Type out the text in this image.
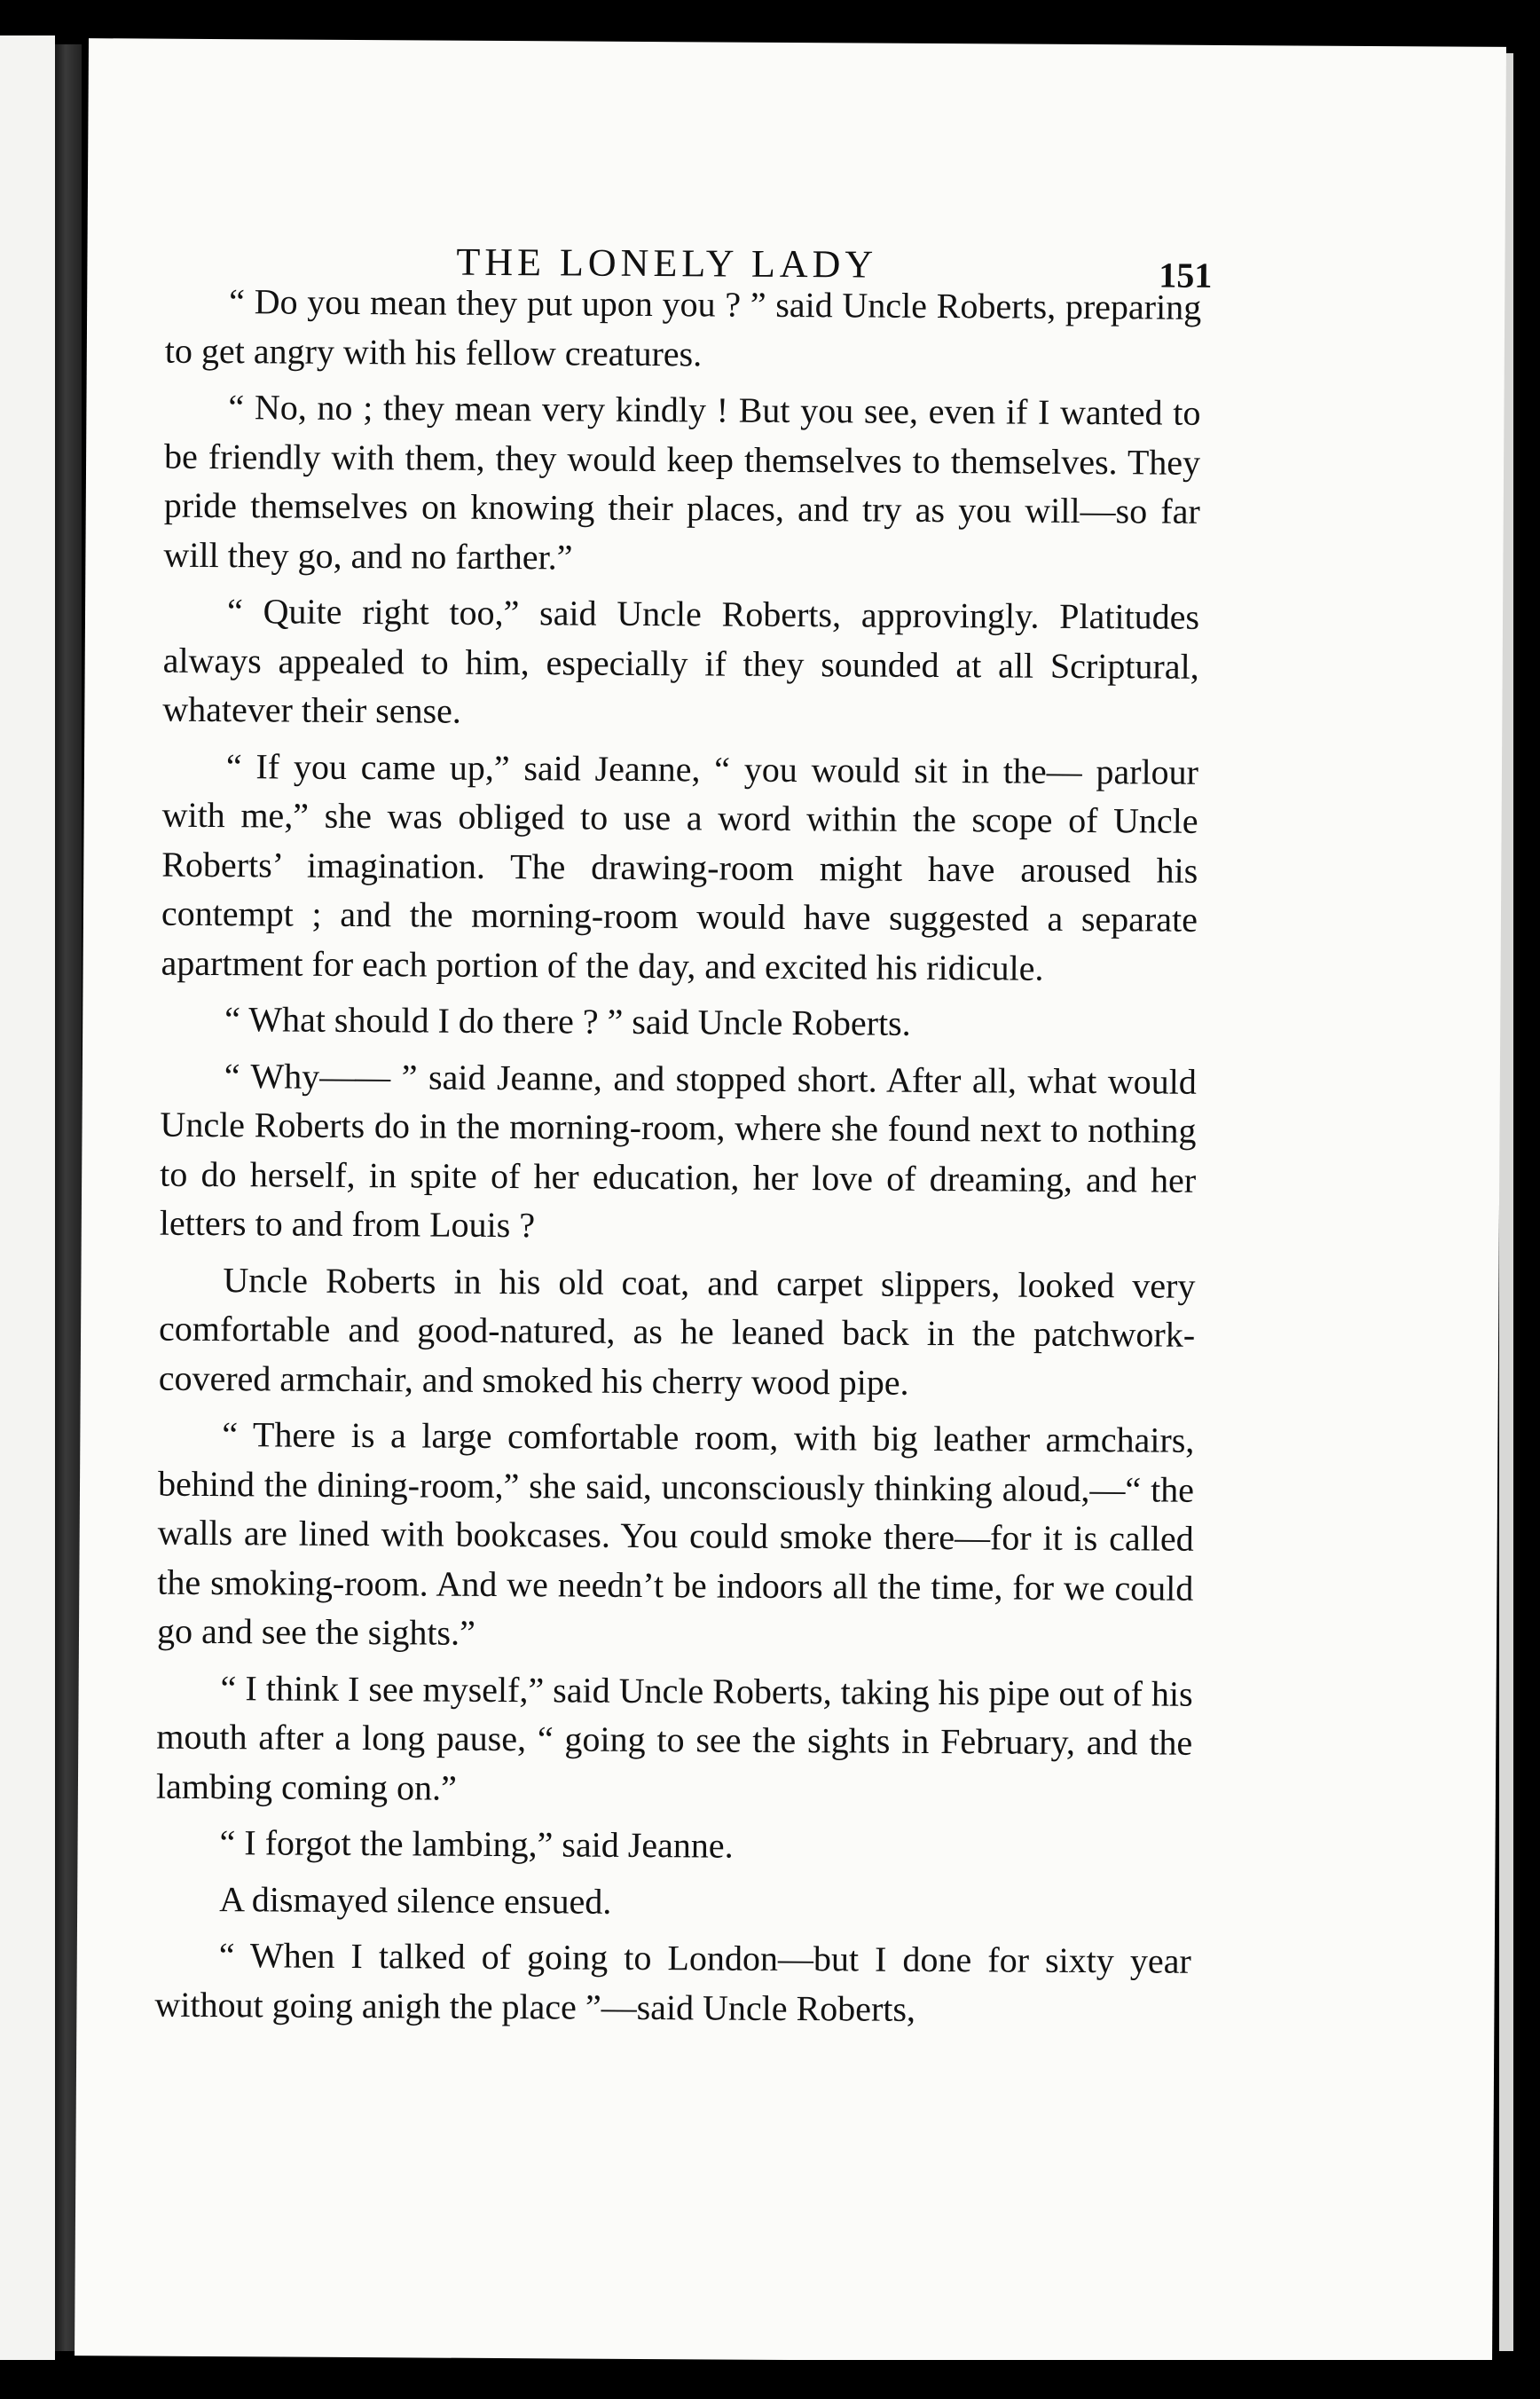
THE LONELY LADY	151

“ Do you mean they put upon you ? ” said Uncle Roberts, preparing to get angry with his fellow creatures.

“ No, no ; they mean very kindly ! But you see, even if I wanted to be friendly with them, they would keep themselves to themselves. They pride themselves on knowing their places, and try as you will—so far will they go, and no farther.”

“ Quite right too,” said Uncle Roberts, approvingly. Platitudes always appealed to him, especially if they sounded at all Scriptural, whatever their sense.

“ If you came up,” said Jeanne, “ you would sit in the— parlour with me,” she was obliged to use a word within the scope of Uncle Roberts’ imagination. The drawing-room might have aroused his contempt ; and the morning-room would have suggested a separate apartment for each portion of the day, and excited his ridicule.

“ What should I do there ? ” said Uncle Roberts.

“ Why—— ” said Jeanne, and stopped short. After all, what would Uncle Roberts do in the morning-room, where she found next to nothing to do herself, in spite of her education, her love of dreaming, and her letters to and from Louis ?

Uncle Roberts in his old coat, and carpet slippers, looked very comfortable and good-natured, as he leaned back in the patchwork-covered armchair, and smoked his cherry wood pipe.

“ There is a large comfortable room, with big leather armchairs, behind the dining-room,” she said, unconsciously thinking aloud,—“ the walls are lined with bookcases. You could smoke there—for it is called the smoking-room. And we needn’t be indoors all the time, for we could go and see the sights.”

“ I think I see myself,” said Uncle Roberts, taking his pipe out of his mouth after a long pause, “ going to see the sights in February, and the lambing coming on.”

“ I forgot the lambing,” said Jeanne.

A dismayed silence ensued.

“ When I talked of going to London—but I done for sixty year without going anigh the place ”—said Uncle Roberts,
